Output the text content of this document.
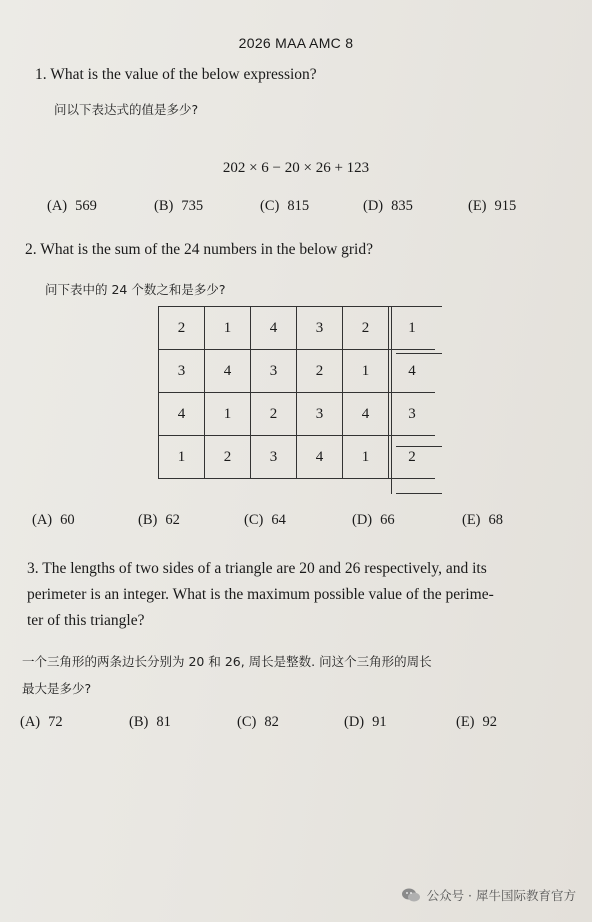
2026 MAA AMC 8
1. What is the value of the below expression?
问以下表达式的值是多少?
202 × 6 − 20 × 26 + 123
(A) 569	(B) 735	(C) 815	(D) 835	(E) 915
2. What is the sum of the 24 numbers in the below grid?
问下表中的 24 个数之和是多少?
2	1	4	3	2	1
3	4	3	2	1	4
4	1	2	3	4	3
1	2	3	4	1	2
(A) 60	(B) 62	(C) 64	(D) 66	(E) 68
3. The lengths of two sides of a triangle are 20 and 26 respectively, and its
perimeter is an integer. What is the maximum possible value of the perime-
ter of this triangle?
一个三角形的两条边长分别为 20 和 26, 周长是整数. 问这个三角形的周长
最大是多少?
(A) 72	(B) 81	(C) 82	(D) 91	(E) 92
公众号 · 犀牛国际教育官方
